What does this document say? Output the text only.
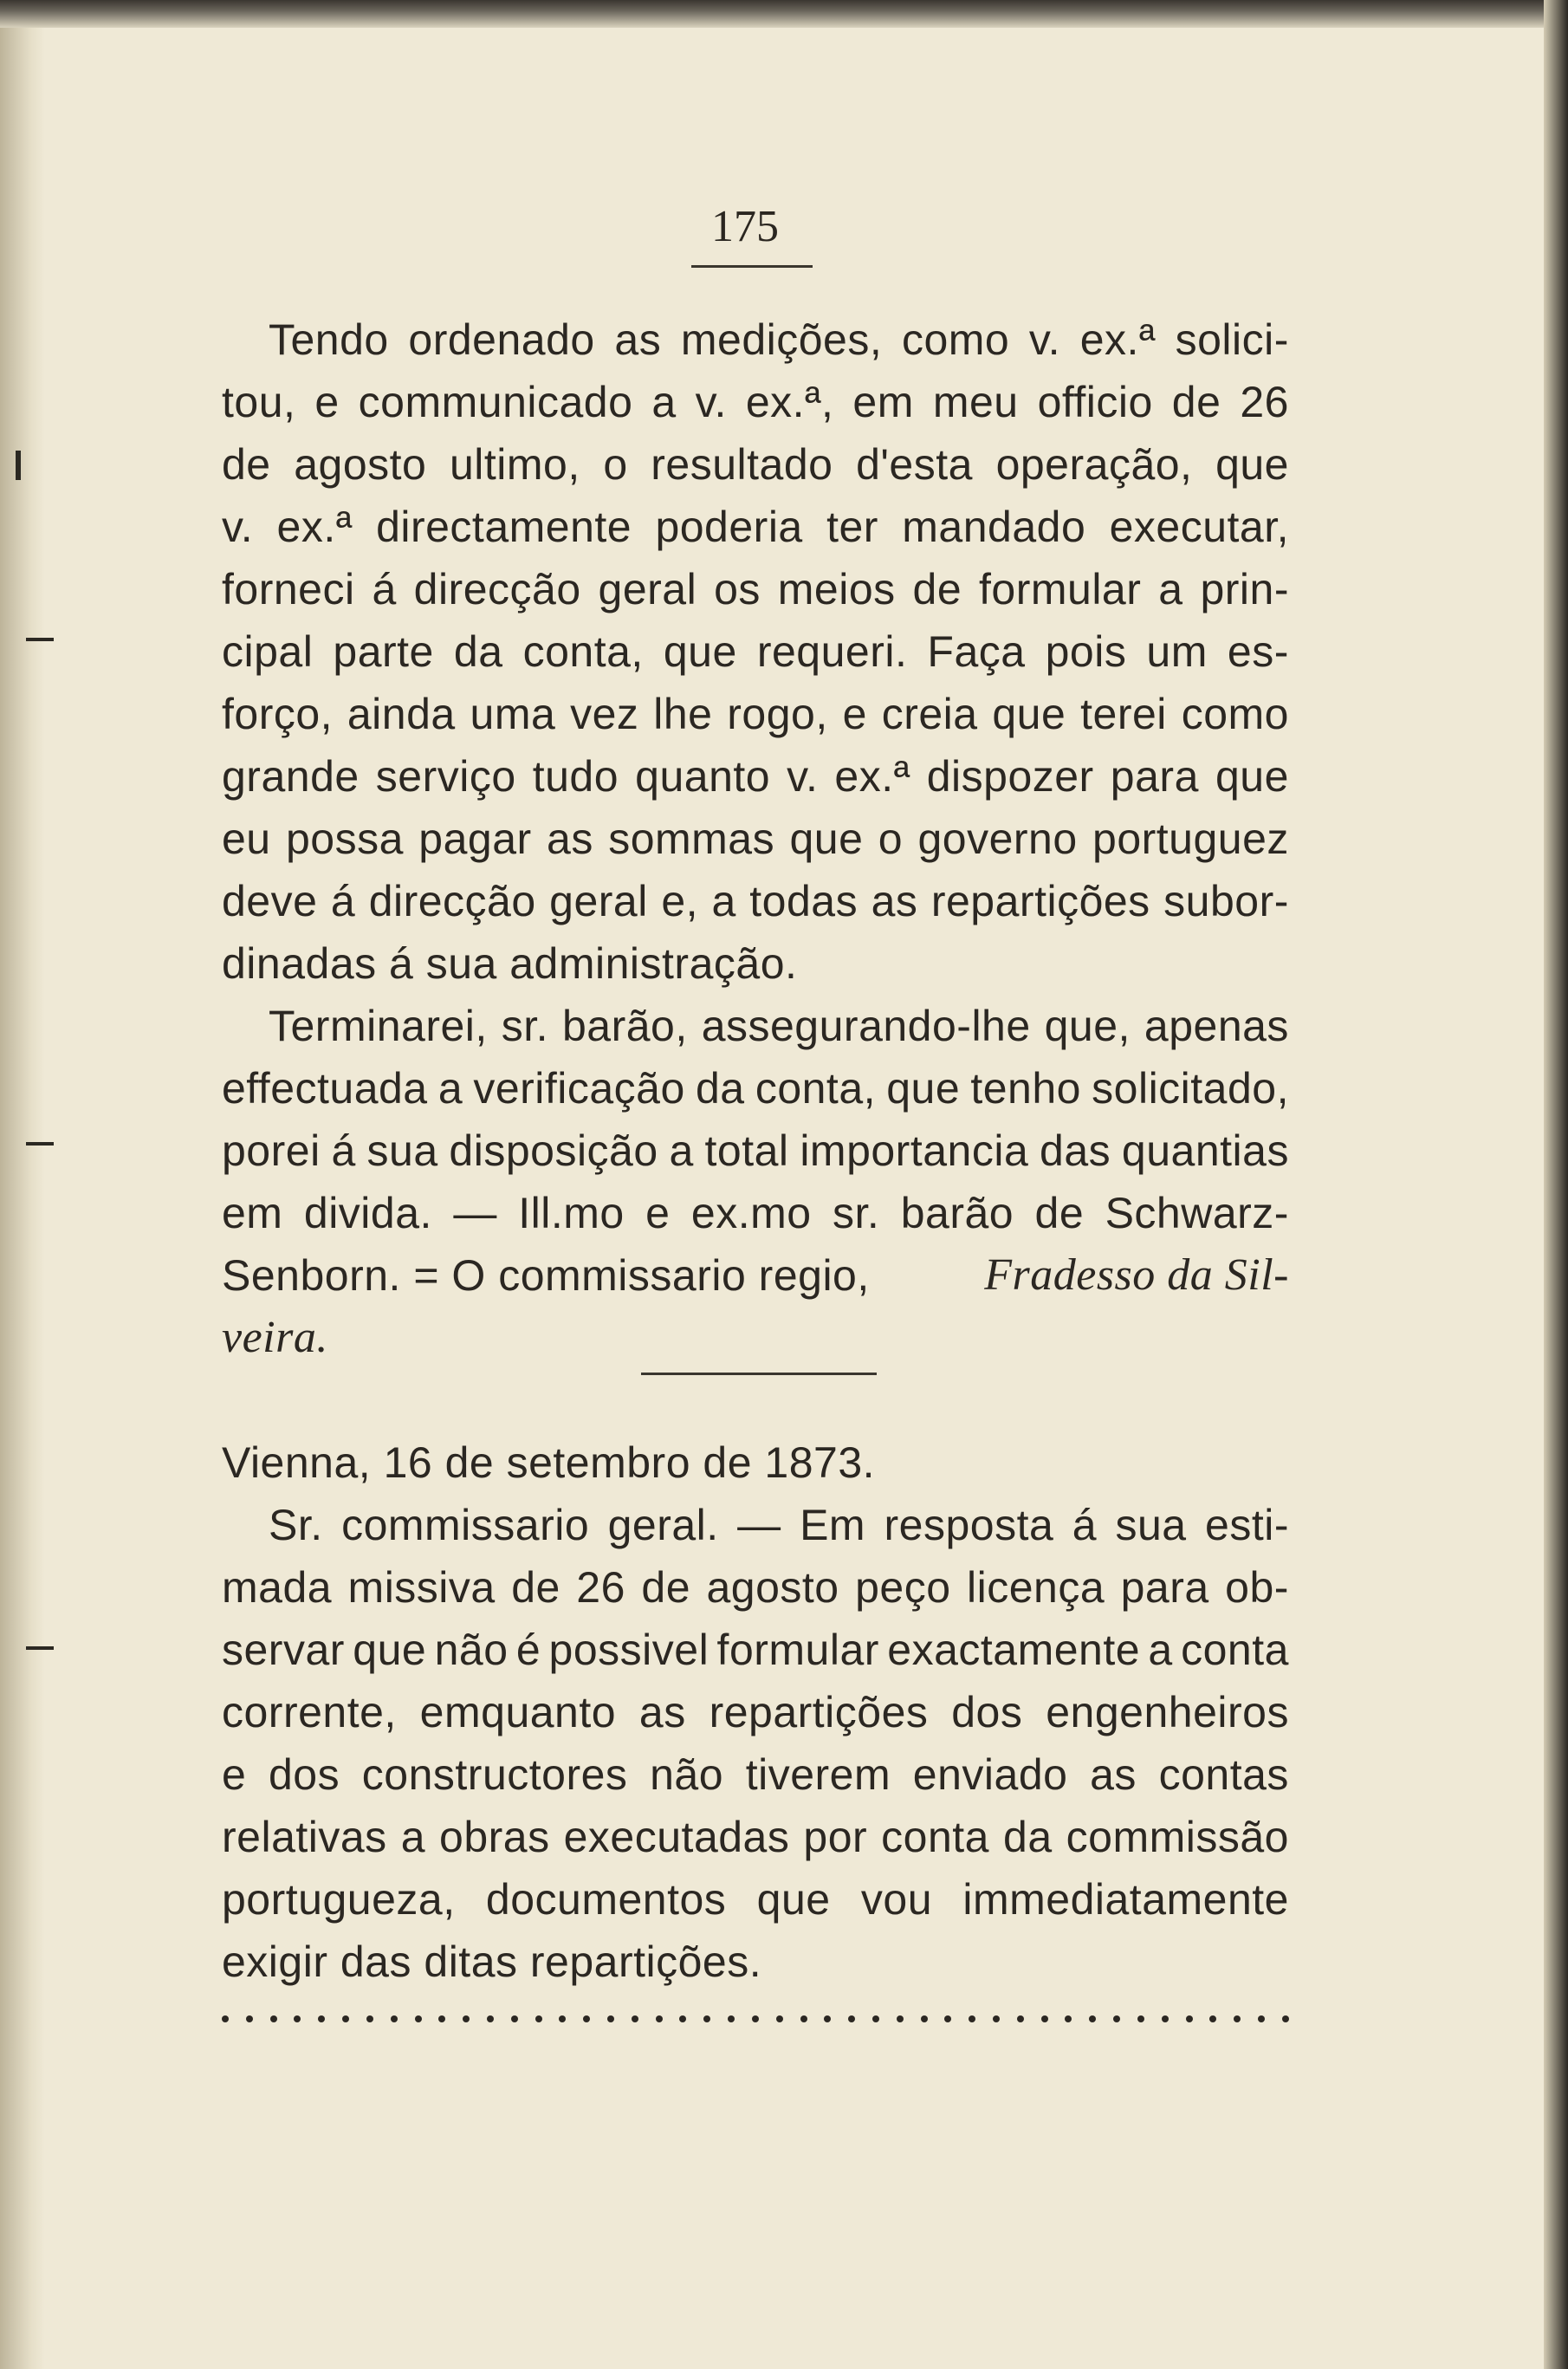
175
Tendo ordenado as medições, como v. ex.ª solici-
tou, e communicado a v. ex.ª, em meu officio de 26
de agosto ultimo, o resultado d'esta operação, que
v. ex.ª directamente poderia ter mandado executar,
forneci á direcção geral os meios de formular a prin-
cipal parte da conta, que requeri. Faça pois um es-
forço, ainda uma vez lhe rogo, e creia que terei como
grande serviço tudo quanto v. ex.ª dispozer para que
eu possa pagar as sommas que o governo portuguez
deve á direcção geral e, a todas as repartições subor-
dinadas á sua administração.
Terminarei, sr. barão, assegurando-lhe que, apenas
effectuada a verificação da conta, que tenho solicitado,
porei á sua disposição a total importancia das quantias
em divida. — Ill.mo e ex.mo sr. barão de Schwarz-
Senborn. = O commissario regio,	Fradesso da Sil-
veira.
Vienna, 16 de setembro de 1873.
Sr. commissario geral. — Em resposta á sua esti-
mada missiva de 26 de agosto peço licença para ob-
servar que não é possivel formular exactamente a conta
corrente, emquanto as repartições dos engenheiros
e dos constructores não tiverem enviado as contas
relativas a obras executadas por conta da commissão
portugueza, documentos que vou immediatamente
exigir das ditas repartições.
